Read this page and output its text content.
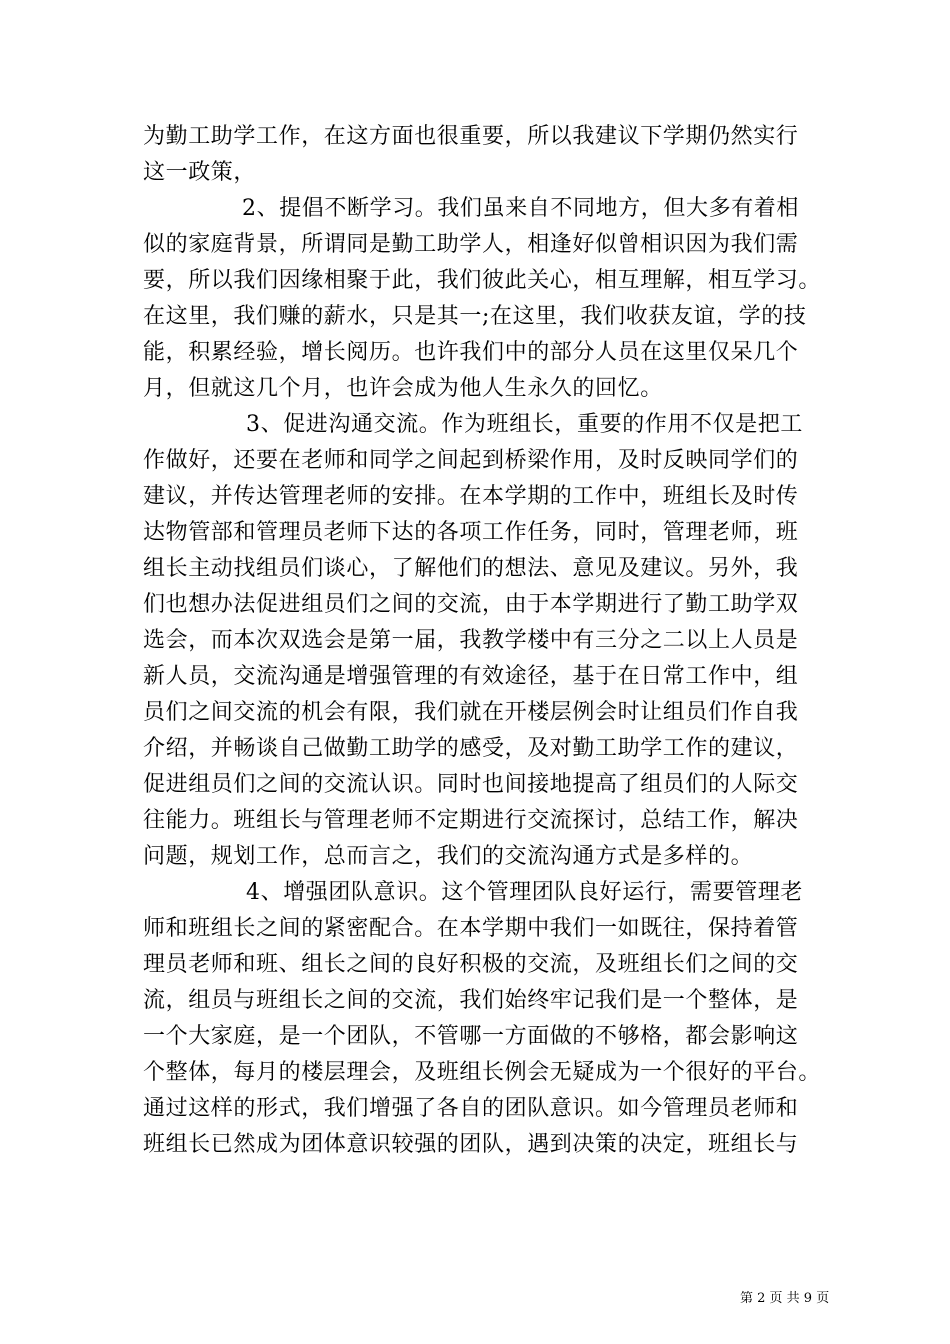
为勤工助学工作，在这方面也很重要，所以我建议下学期仍然实行
这一政策，
2、提倡不断学习。我们虽来自不同地方，但大多有着相
似的家庭背景，所谓同是勤工助学人，相逢好似曾相识因为我们需
要，所以我们因缘相聚于此，我们彼此关心，相互理解，相互学习。
在这里，我们赚的薪水，只是其一;在这里，我们收获友谊，学的技
能，积累经验，增长阅历。也许我们中的部分人员在这里仅呆几个
月，但就这几个月，也许会成为他人生永久的回忆。
3、促进沟通交流。作为班组长，重要的作用不仅是把工
作做好，还要在老师和同学之间起到桥梁作用，及时反映同学们的
建议，并传达管理老师的安排。在本学期的工作中，班组长及时传
达物管部和管理员老师下达的各项工作任务，同时，管理老师，班
组长主动找组员们谈心，了解他们的想法、意见及建议。另外，我
们也想办法促进组员们之间的交流，由于本学期进行了勤工助学双
选会，而本次双选会是第一届，我教学楼中有三分之二以上人员是
新人员，交流沟通是增强管理的有效途径，基于在日常工作中，组
员们之间交流的机会有限，我们就在开楼层例会时让组员们作自我
介绍，并畅谈自己做勤工助学的感受，及对勤工助学工作的建议，
促进组员们之间的交流认识。同时也间接地提高了组员们的人际交
往能力。班组长与管理老师不定期进行交流探讨，总结工作，解决
问题，规划工作，总而言之，我们的交流沟通方式是多样的。
4、增强团队意识。这个管理团队良好运行，需要管理老
师和班组长之间的紧密配合。在本学期中我们一如既往，保持着管
理员老师和班、组长之间的良好积极的交流，及班组长们之间的交
流，组员与班组长之间的交流，我们始终牢记我们是一个整体，是
一个大家庭，是一个团队，不管哪一方面做的不够格，都会影响这
个整体，每月的楼层理会，及班组长例会无疑成为一个很好的平台。
通过这样的形式，我们增强了各自的团队意识。如今管理员老师和
班组长已然成为团体意识较强的团队，遇到决策的决定，班组长与
第 2 页 共 9 页
